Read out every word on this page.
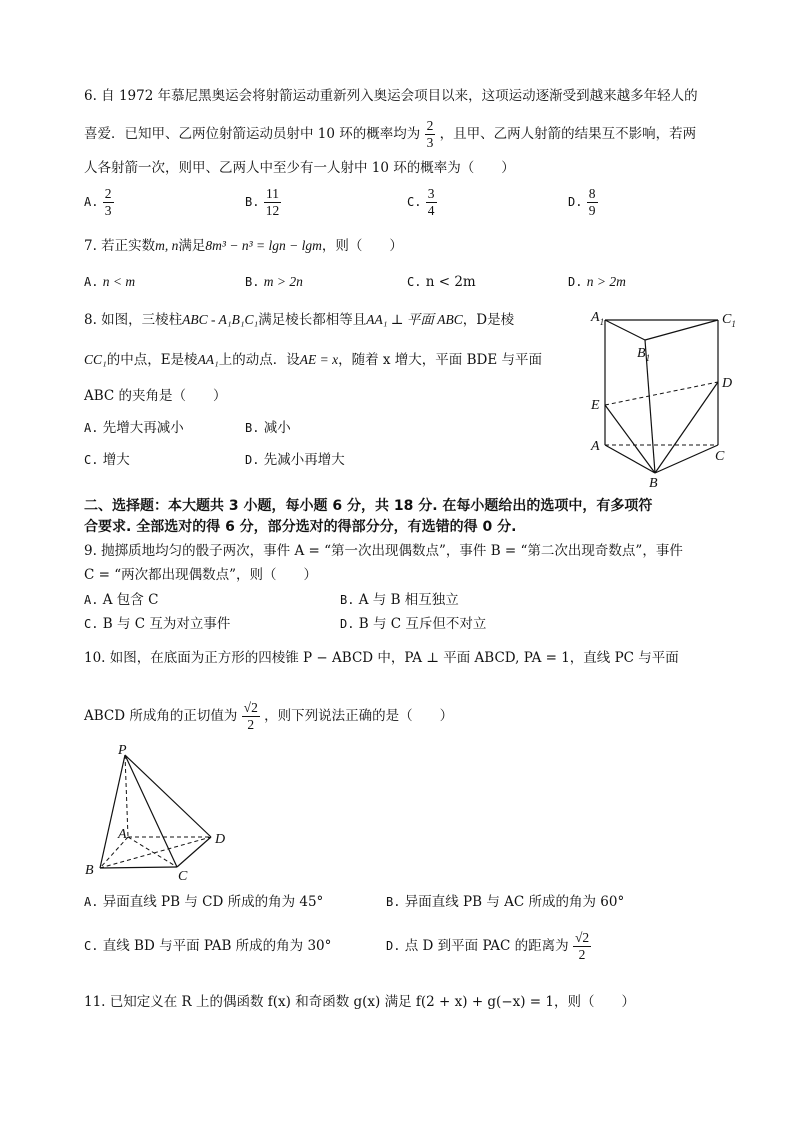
6. 自 1972 年慕尼黑奥运会将射箭运动重新列入奥运会项目以来，这项运动逐渐受到越来越多年轻人的
喜爱．已知甲、乙两位射箭运动员射中 10 环的概率均为 $\frac{2}{3}$ ，且甲、乙两人射箭的结果互不影响，若两
人各射箭一次，则甲、乙两人中至少有一人射中 10 环的概率为（　　）
A. $\frac{2}{3}$	B. $\frac{11}{12}$	C. $\frac{3}{4}$	D. $\frac{8}{9}$
7. 若正实数m, n满足8m³ − n³ = lgn − lgm，则（　　）
A. n < m	B. m > 2n	C. n < 2m	D. n > 2m
8. 如图，三棱柱ABC - A₁B₁C₁满足棱长都相等且AA₁ ⊥ 平面 ABC，D是棱
CC₁的中点，E是棱AA₁上的动点．设AE = x，随着 x 增大，平面 BDE 与平面
ABC 的夹角是（　　）
A. 先增大再减小	B. 减小
C. 增大	D. 先减小再增大
$A_1$
$B_1$
$C_1$
D
E
A
C
B
二、选择题：本大题共 3 小题，每小题 6 分，共 18 分. 在每小题给出的选项中，有多项符
合要求. 全部选对的得 6 分，部分选对的得部分分，有选错的得 0 分.
9. 抛掷质地均匀的骰子两次，事件 A = “第一次出现偶数点”，事件 B = “第二次出现奇数点”，事件
C = “两次都出现偶数点”，则（　　）
A. A 包含 C	B. A 与 B 相互独立
C. B 与 C 互为对立事件	D. B 与 C 互斥但不对立
10. 如图，在底面为正方形的四棱锥 P − ABCD 中，PA ⊥ 平面 ABCD, PA = 1，直线 PC 与平面
ABCD 所成角的正切值为 $\frac{√2}{2}$ ，则下列说法正确的是（　　）
P
A	D
B	C
A. 异面直线 PB 与 CD 所成的角为 45°	B. 异面直线 PB 与 AC 所成的角为 60°
C. 直线 BD 与平面 PAB 所成的角为 30°	D. 点 D 到平面 PAC 的距离为 $\frac{√2}{2}$
11. 已知定义在 R 上的偶函数 f(x) 和奇函数 g(x) 满足 f(2 + x) + g(−x) = 1，则（　　）
